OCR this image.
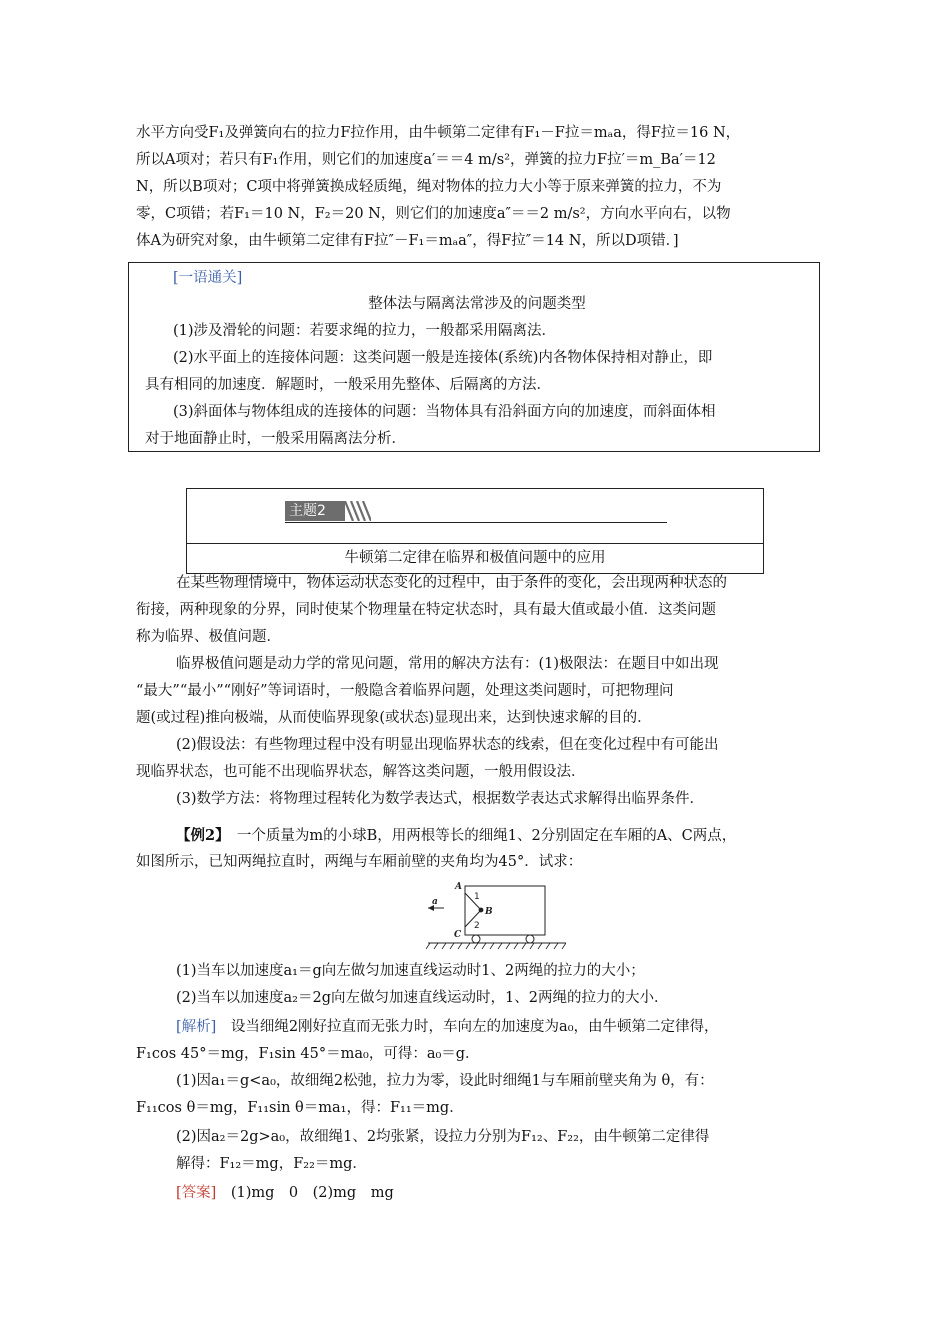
水平方向受F₁及弹簧向右的拉力F拉作用，由牛顿第二定律有F₁－F拉＝mₐa，得F拉＝16 N，

所以A项对；若只有F₁作用，则它们的加速度a′＝＝4 m/s²，弹簧的拉力F拉′＝m_Ba′＝12

N，所以B项对；C项中将弹簧换成轻质绳，绳对物体的拉力大小等于原来弹簧的拉力，不为

零，C项错；若F₁＝10 N，F₂＝20 N，则它们的加速度a″＝＝2 m/s²，方向水平向右，以物

体A为研究对象，由牛顿第二定律有F拉″－F₁＝mₐa″，得F拉″＝14 N，所以D项错．]

[一语通关]
整体法与隔离法常涉及的问题类型
(1)涉及滑轮的问题：若要求绳的拉力，一般都采用隔离法．
(2)水平面上的连接体问题：这类问题一般是连接体(系统)内各物体保持相对静止，即
具有相同的加速度．解题时，一般采用先整体、后隔离的方法．
(3)斜面体与物体组成的连接体的问题：当物体具有沿斜面方向的加速度，而斜面体相
对于地面静止时，一般采用隔离法分析．
主题2
牛顿第二定律在临界和极值问题中的应用

在某些物理情境中，物体运动状态变化的过程中，由于条件的变化，会出现两种状态的

衔接，两种现象的分界，同时使某个物理量在特定状态时，具有最大值或最小值．这类问题

称为临界、极值问题．

临界极值问题是动力学的常见问题，常用的解决方法有：(1)极限法：在题目中如出现

“最大”“最小”“刚好”等词语时，一般隐含着临界问题，处理这类问题时，可把物理问

题(或过程)推向极端，从而使临界现象(或状态)显现出来，达到快速求解的目的．

(2)假设法：有些物理过程中没有明显出现临界状态的线索，但在变化过程中有可能出

现临界状态，也可能不出现临界状态，解答这类问题，一般用假设法．

(3)数学方法：将物理过程转化为数学表达式，根据数学表达式求解得出临界条件．

【例2】　一个质量为m的小球B，用两根等长的细绳1、2分别固定在车厢的A、C两点，

如图所示，已知两绳拉直时，两绳与车厢前壁的夹角均为45°．试求：

a
A
B
C
1
2

(1)当车以加速度a₁＝g向左做匀加速直线运动时1、2两绳的拉力的大小；

(2)当车以加速度a₂＝2g向左做匀加速直线运动时，1、2两绳的拉力的大小．

[解析]　设当细绳2刚好拉直而无张力时，车向左的加速度为a₀，由牛顿第二定律得，

F₁cos 45°＝mg，F₁sin 45°＝ma₀，可得：a₀＝g．

(1)因a₁＝g<a₀，故细绳2松弛，拉力为零，设此时细绳1与车厢前壁夹角为 θ，有：

F₁₁cos θ＝mg，F₁₁sin θ＝ma₁，得：F₁₁＝mg．

(2)因a₂＝2g>a₀，故细绳1、2均张紧，设拉力分别为F₁₂、F₂₂，由牛顿第二定律得

解得：F₁₂＝mg，F₂₂＝mg．

[答案]　(1)mg　0　(2)mg　mg
